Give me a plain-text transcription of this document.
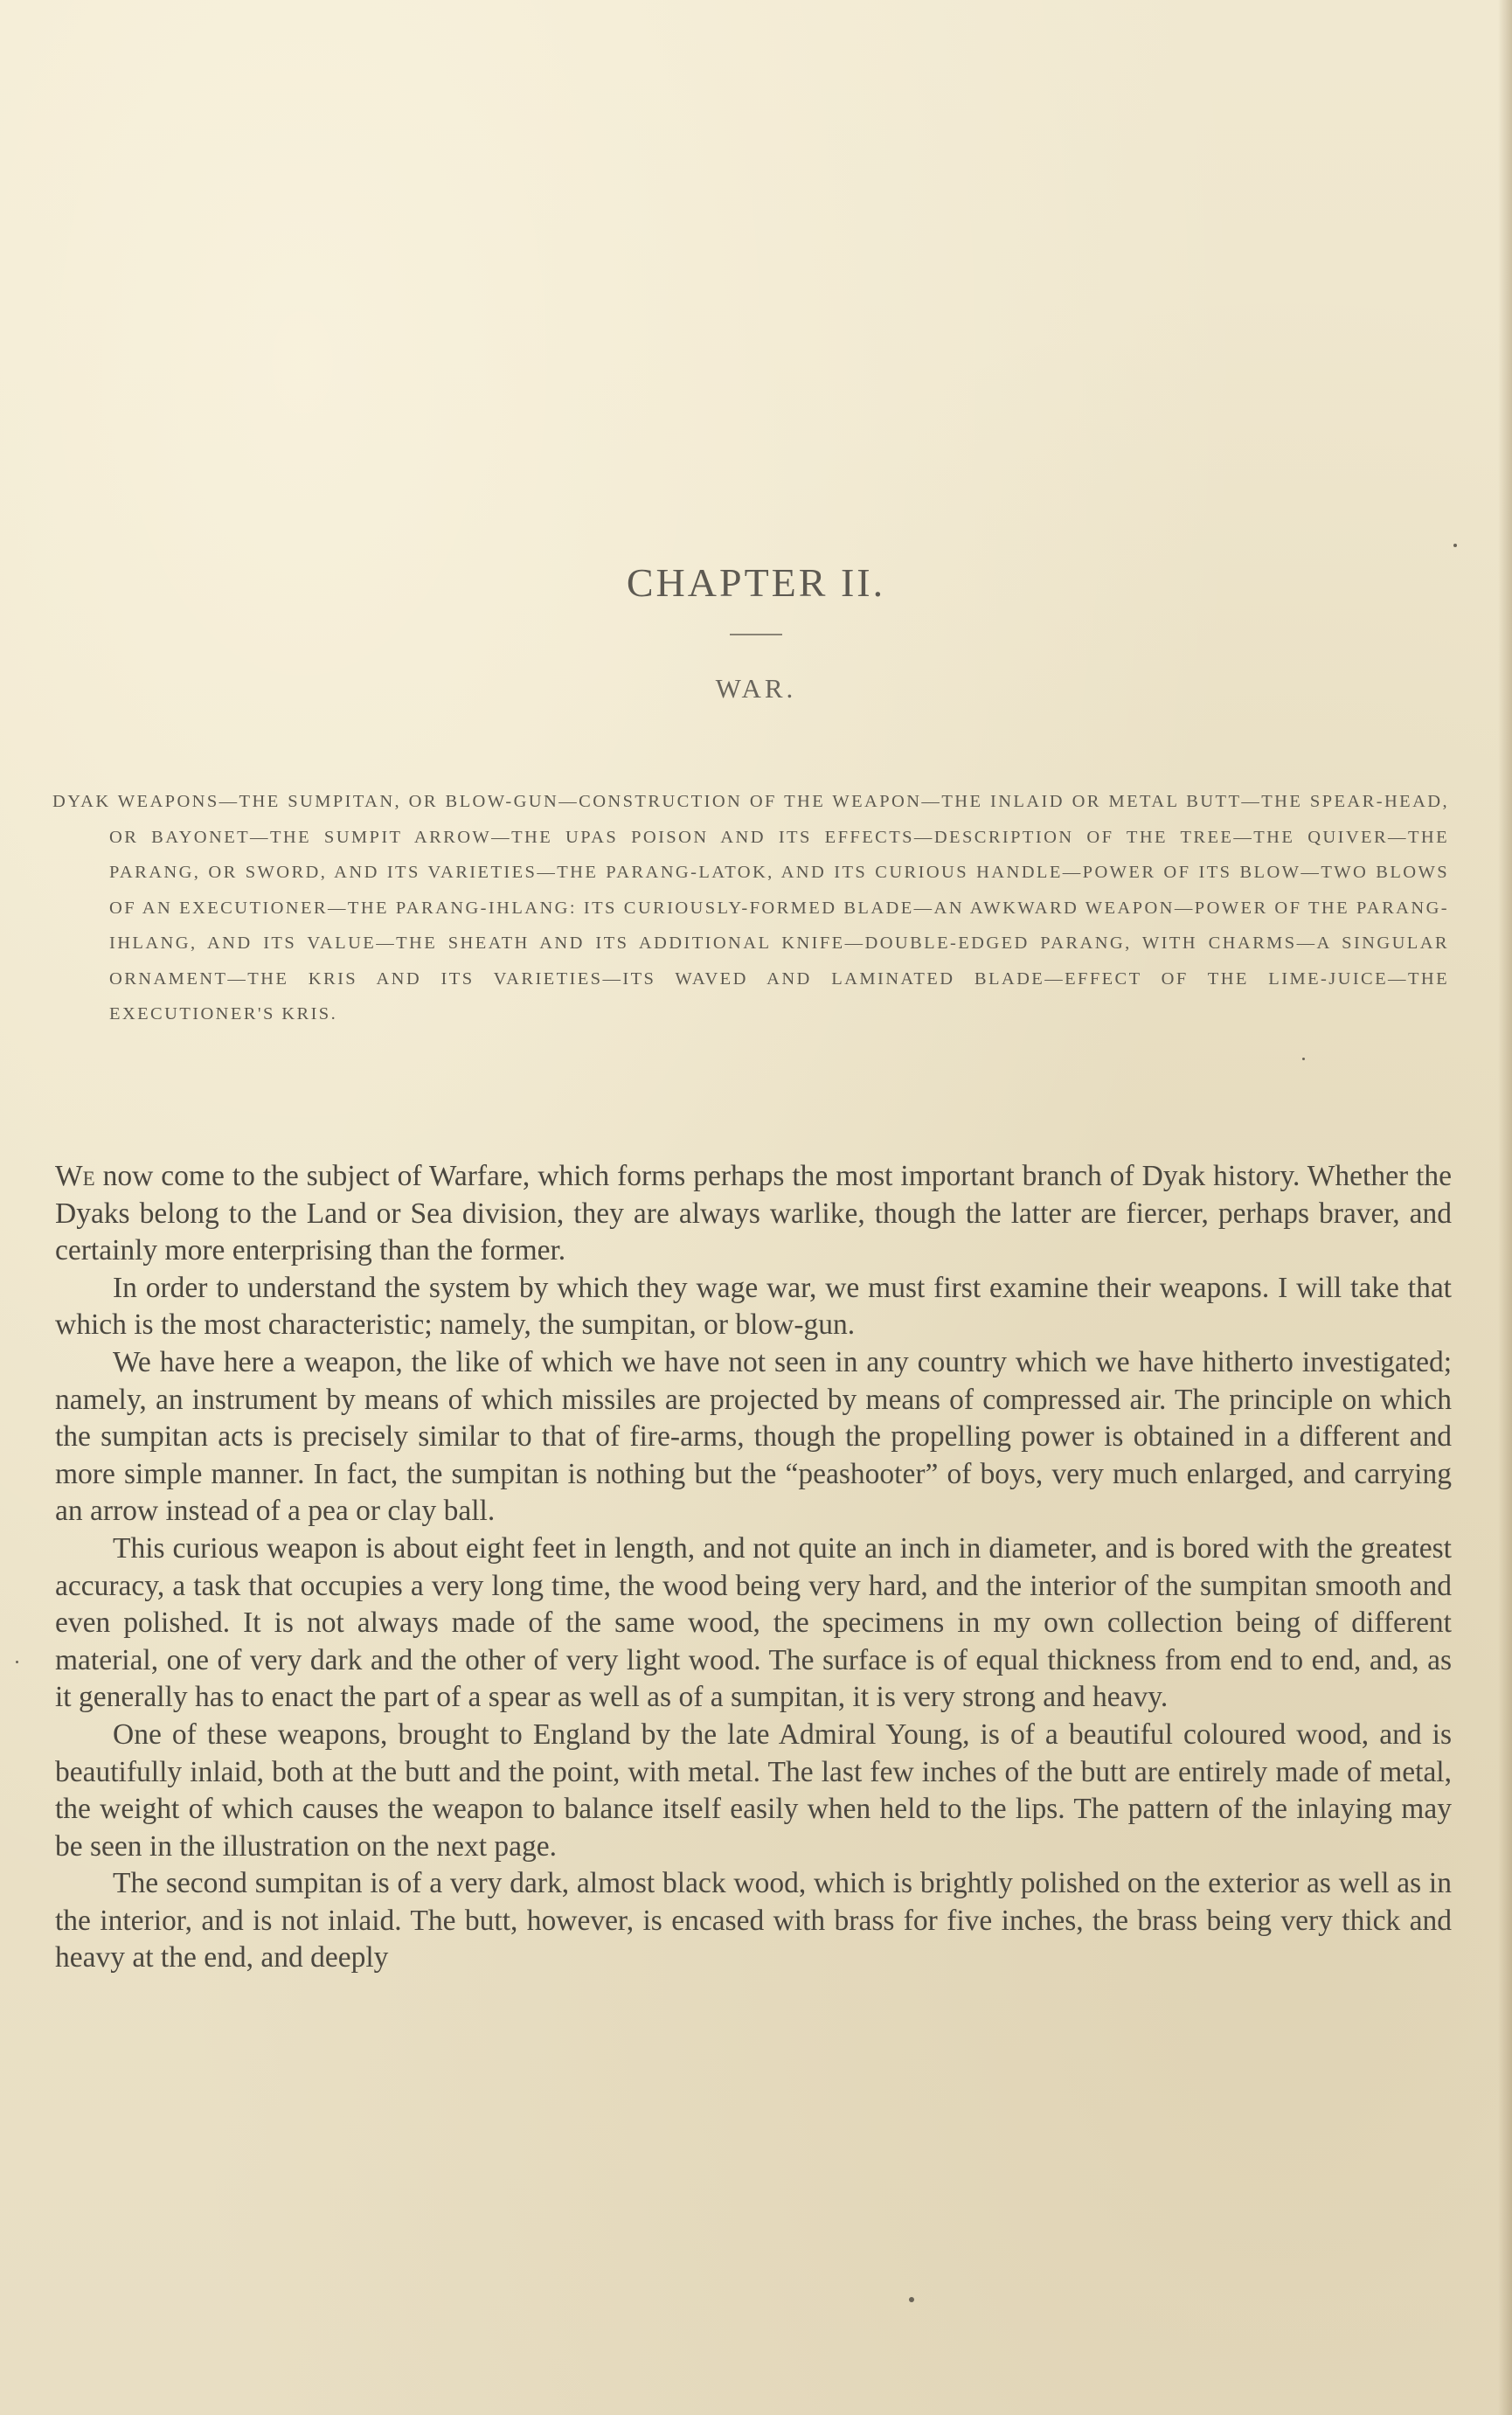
CHAPTER II.
WAR.
DYAK WEAPONS—THE SUMPITAN, OR BLOW-GUN—CONSTRUCTION OF THE WEAPON—THE INLAID OR METAL BUTT—THE SPEAR-HEAD, OR BAYONET—THE SUMPIT ARROW—THE UPAS POISON AND ITS EFFECTS—DESCRIPTION OF THE TREE—THE QUIVER—THE PARANG, OR SWORD, AND ITS VARIETIES—THE PARANG-LATOK, AND ITS CURIOUS HANDLE—POWER OF ITS BLOW—TWO BLOWS OF AN EXECUTIONER—THE PARANG-IHLANG: ITS CURIOUSLY-FORMED BLADE—AN AWKWARD WEAPON—POWER OF THE PARANG-IHLANG, AND ITS VALUE—THE SHEATH AND ITS ADDITIONAL KNIFE—DOUBLE-EDGED PARANG, WITH CHARMS—A SINGULAR ORNAMENT—THE KRIS AND ITS VARIETIES—ITS WAVED AND LAMINATED BLADE—EFFECT OF THE LIME-JUICE—THE EXECUTIONER'S KRIS.

We now come to the subject of Warfare, which forms perhaps the most important branch of Dyak history. Whether the Dyaks belong to the Land or Sea division, they are always warlike, though the latter are fiercer, perhaps braver, and certainly more enterprising than the former.

In order to understand the system by which they wage war, we must first examine their weapons. I will take that which is the most characteristic; namely, the sumpitan, or blow-gun.

We have here a weapon, the like of which we have not seen in any country which we have hitherto investigated; namely, an instrument by means of which missiles are projected by means of compressed air. The principle on which the sumpitan acts is precisely similar to that of fire-arms, though the propelling power is obtained in a different and more simple manner. In fact, the sumpitan is nothing but the “peashooter” of boys, very much enlarged, and carrying an arrow instead of a pea or clay ball.

This curious weapon is about eight feet in length, and not quite an inch in diameter, and is bored with the greatest accuracy, a task that occupies a very long time, the wood being very hard, and the interior of the sumpitan smooth and even polished. It is not always made of the same wood, the specimens in my own collection being of different material, one of very dark and the other of very light wood. The surface is of equal thickness from end to end, and, as it generally has to enact the part of a spear as well as of a sumpitan, it is very strong and heavy.

One of these weapons, brought to England by the late Admiral Young, is of a beautiful coloured wood, and is beautifully inlaid, both at the butt and the point, with metal. The last few inches of the butt are entirely made of metal, the weight of which causes the weapon to balance itself easily when held to the lips. The pattern of the inlaying may be seen in the illustration on the next page.

The second sumpitan is of a very dark, almost black wood, which is brightly polished on the exterior as well as in the interior, and is not inlaid. The butt, however, is encased with brass for five inches, the brass being very thick and heavy at the end, and deeply
